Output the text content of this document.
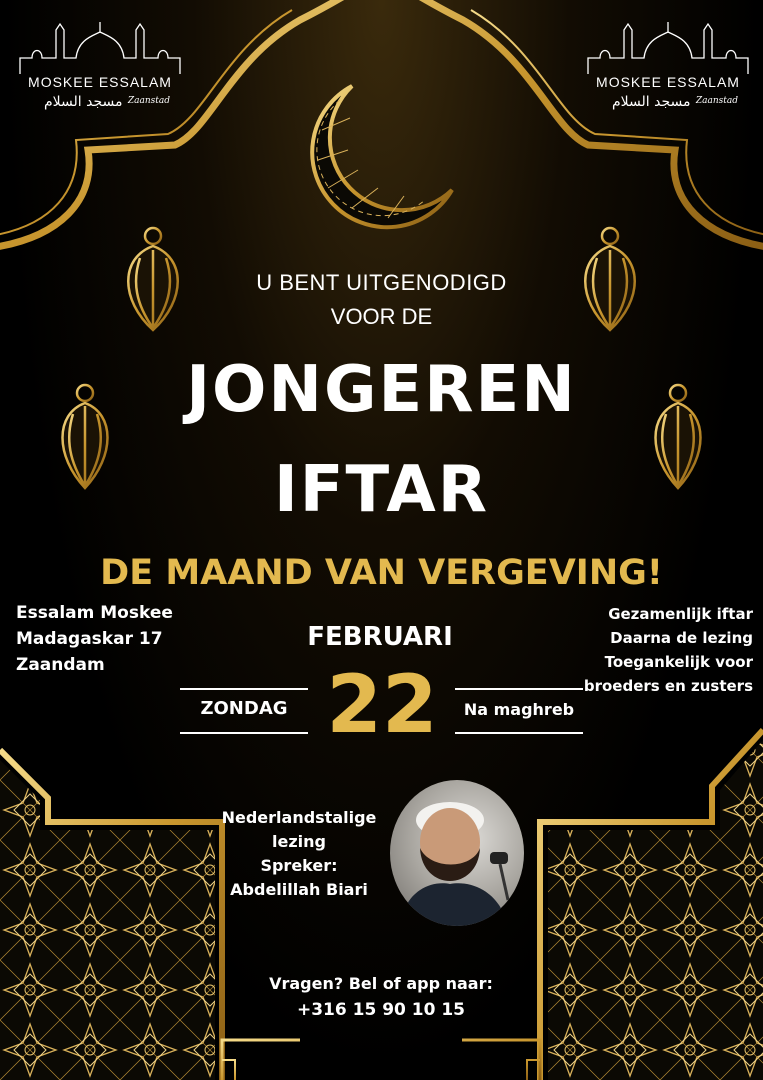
MOSKEE ESSALAM
مسجد السلام Zaanstad
MOSKEE ESSALAM
مسجد السلام Zaanstad
U BENT UITGENODIGD
VOOR DE
JONGEREN
IFTAR
DE MAAND VAN VERGEVING!
Essalam Moskee
Madagaskar 17
Zaandam
Gezamenlijk iftar
Daarna de lezing
Toegankelijk voor
broeders en zusters
FEBRUARI
ZONDAG 22	Na maghreb
Nederlandstalige
lezing
Spreker:
Abdelillah Biari
Vragen? Bel of app naar:
+316 15 90 10 15
